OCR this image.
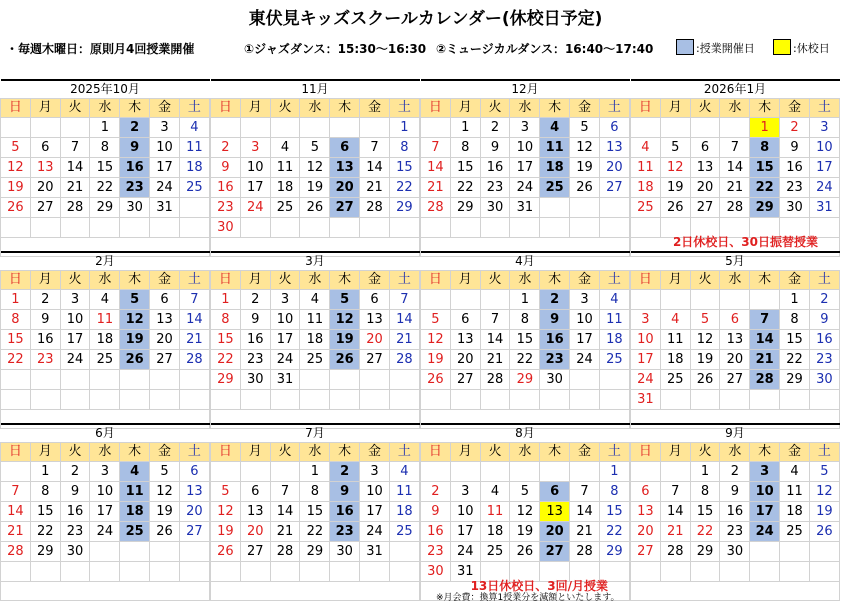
東伏見キッズスクールカレンダー(休校日予定)
・毎週木曜日：原則月4回授業開催	①ジャズダンス：15:30～16:30 ②ミュージカルダンス：16:40～17:40	:授業開催日	:休校日
2025年10月						
日	月	火	水	木	金	土
			1	2	3	4
5	6	7	8	9	10	11
12	13	14	15	16	17	18
19	20	21	22	23	24	25
26	27	28	29	30	31	

11月						
日	月	火	水	木	金	土
						1
2	3	4	5	6	7	8
9	10	11	12	13	14	15
16	17	18	19	20	21	22
23	24	25	26	27	28	29
30						

12月						
日	月	火	水	木	金	土
	1	2	3	4	5	6
7	8	9	10	11	12	13
14	15	16	17	18	19	20
21	22	23	24	25	26	27
28	29	30	31			

2026年1月						
日	月	火	水	木	金	土
				1	2	3
4	5	6	7	8	9	10
11	12	13	14	15	16	17
18	19	20	21	22	23	24
25	26	27	28	29	30	31

2日休校日、30日振替授業
2月						
日	月	火	水	木	金	土
1	2	3	4	5	6	7
8	9	10	11	12	13	14
15	16	17	18	19	20	21
22	23	24	25	26	27	28

3月						
日	月	火	水	木	金	土
1	2	3	4	5	6	7
8	9	10	11	12	13	14
15	16	17	18	19	20	21
22	23	24	25	26	27	28
29	30	31				

4月						
日	月	火	水	木	金	土
			1	2	3	4
5	6	7	8	9	10	11
12	13	14	15	16	17	18
19	20	21	22	23	24	25
26	27	28	29	30		

5月						
日	月	火	水	木	金	土
					1	2
3	4	5	6	7	8	9
10	11	12	13	14	15	16
17	18	19	20	21	22	23
24	25	26	27	28	29	30
31						

6月						
日	月	火	水	木	金	土
	1	2	3	4	5	6
7	8	9	10	11	12	13
14	15	16	17	18	19	20
21	22	23	24	25	26	27
28	29	30				

7月						
日	月	火	水	木	金	土
			1	2	3	4
5	6	7	8	9	10	11
12	13	14	15	16	17	18
19	20	21	22	23	24	25
26	27	28	29	30	31	

8月						
日	月	火	水	木	金	土
						1
2	3	4	5	6	7	8
9	10	11	12	13	14	15
16	17	18	19	20	21	22
23	24	25	26	27	28	29
30	31					

13日休校日、3回/月授業
9月						
日	月	火	水	木	金	土
		1	2	3	4	5
6	7	8	9	10	11	12
13	14	15	16	17	18	19
20	21	22	23	24	25	26
27	28	29	30			

※月会費：換算1授業分を減額といたします。
